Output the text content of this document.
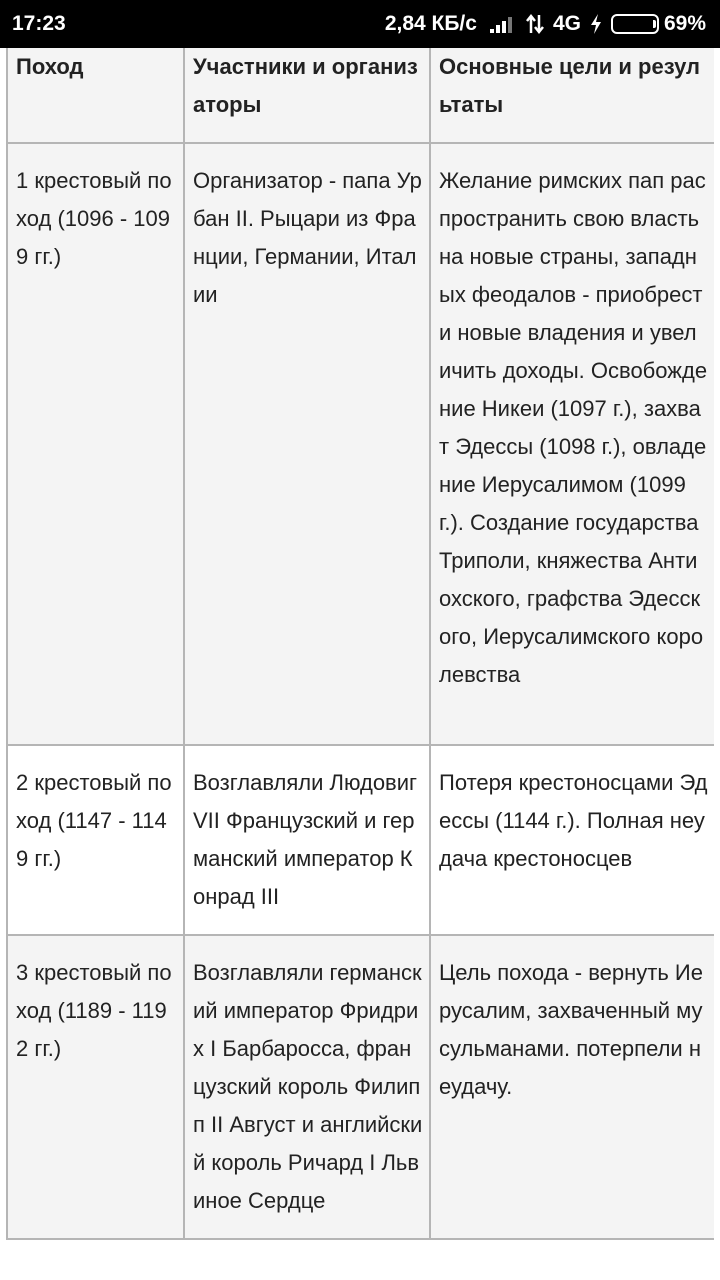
17:23	2,84 КБ/с	4G	69%
Поход	Участники и организаторы	Основные цели и результаты
1 крестовый поход (1096 - 1099 гг.)	Организатор - папа Урбан II. Рыцари из Франции, Германии, Италии	Желание римских пап распространить свою власть на новые страны, западных феодалов - приобрести новые владения и увеличить доходы. Освобождение Никеи (1097 г.), захват Эдессы (1098 г.), овладение Иерусалимом (1099 г.). Создание государства Триполи, княжества Антиохского, графства Эдесского, Иерусалимского королевства
2 крестовый поход (1147 - 1149 гг.)	Возглавляли Людовиг VII Французский и германский император Конрад III	Потеря крестоносцами Эдессы (1144 г.). Полная неудача крестоносцев
3 крестовый поход (1189 - 1192 гг.)	Возглавляли германский император Фридрих I Барбаросса, французский король Филипп II Август и английский король Ричард I Львиное Сердце	Цель похода - вернуть Иерусалим, захваченный мусульманами. потерпели неудачу.
